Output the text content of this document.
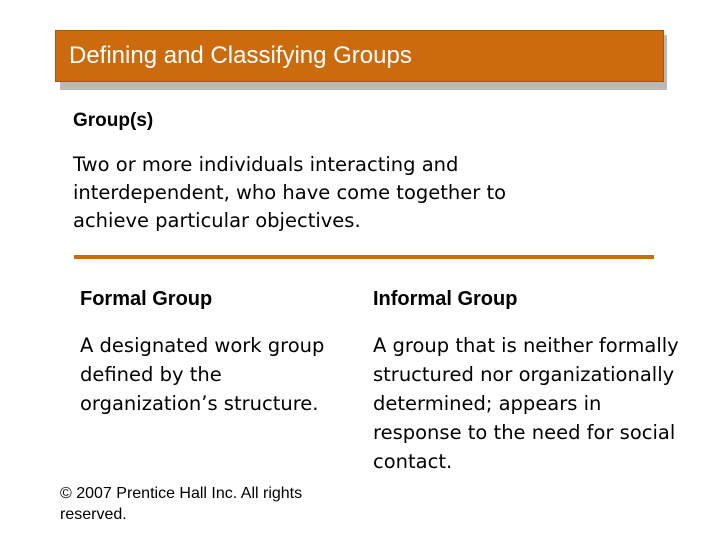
Defining and Classifying Groups
Group(s)
Two or more individuals interacting and interdependent, who have come together to achieve particular objectives.
Formal Group
A designated work group defined by the organization’s structure.
Informal Group
A group that is neither formally structured nor organizationally determined; appears in response to the need for social contact.
© 2007 Prentice Hall Inc. All rights reserved.
